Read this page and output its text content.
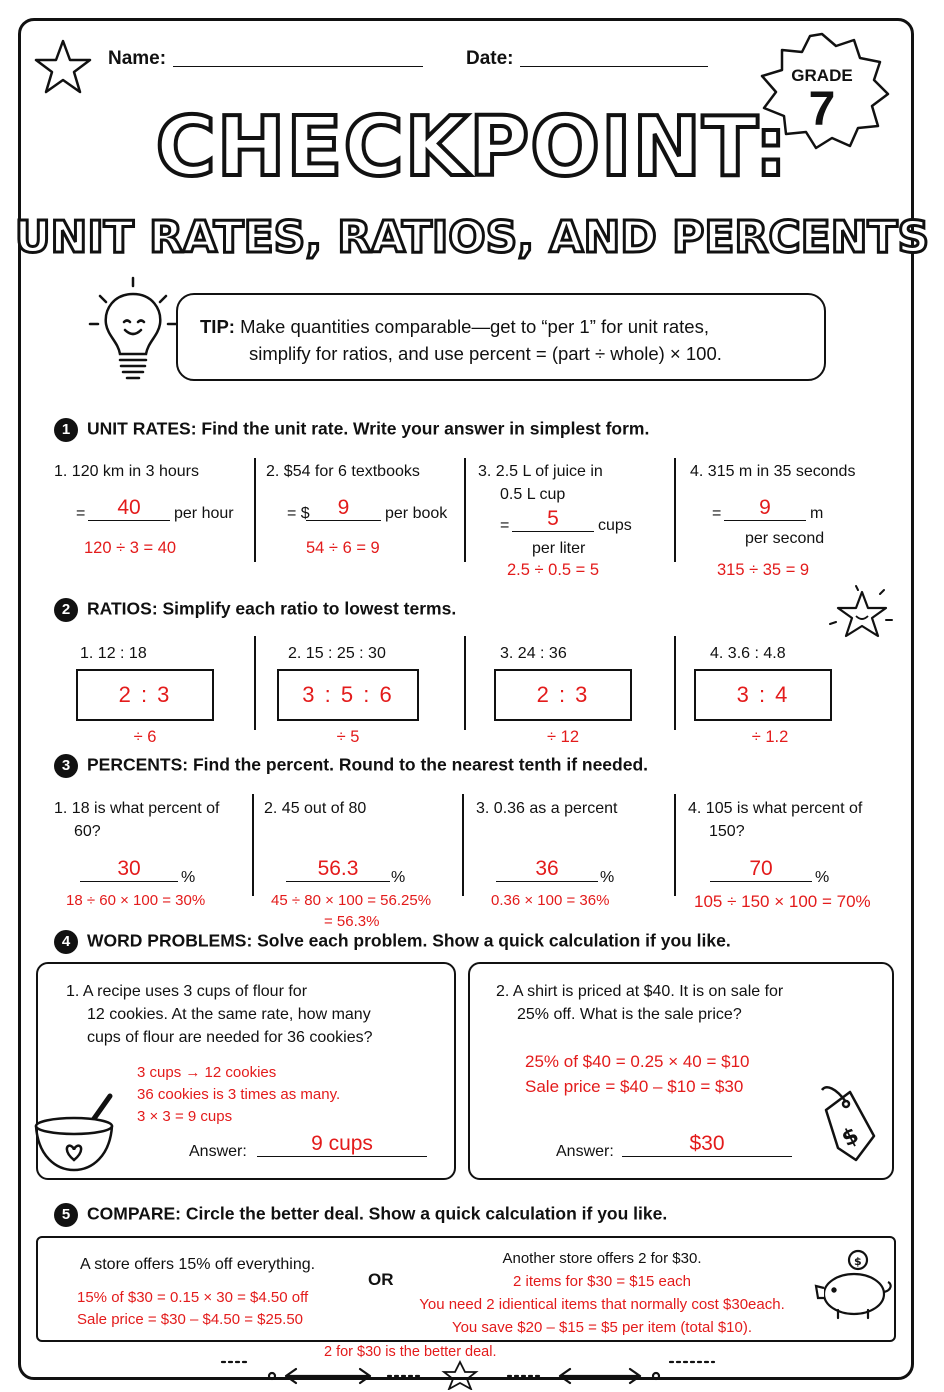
Name:	Date:
GRADE
7
CHECKPOINT:
UNIT RATES, RATIOS, AND PERCENTS
TIP: Make quantities comparable—get to “per 1” for unit rates,
simplify for ratios, and use percent = (part ÷ whole) × 100.
1 UNIT RATES: Find the unit rate. Write your answer in simplest form.
1. 120 km in 3 hours
=	40	per hour
120 ÷ 3 = 40
2. $54 for 6 textbooks
= $	9	per book
54 ÷ 6 = 9
3. 2.5 L of juice in
0.5 L cup
=	5	cups
per liter
2.5 ÷ 0.5 = 5
4. 315 m in 35 seconds
=	9	m
per second
315 ÷ 35 = 9
2 RATIOS: Simplify each ratio to lowest terms.
1. 12 : 18
2 : 3
÷ 6
2. 15 : 25 : 30
3 : 5 : 6
÷ 5
3. 24 : 36
2 : 3
÷ 12
4. 3.6 : 4.8
3 : 4
÷ 1.2
3 PERCENTS: Find the percent. Round to the nearest tenth if needed.
1. 18 is what percent of
60?
30	%
18 ÷ 60 × 100 = 30%
2. 45 out of 80
56.3	%
45 ÷ 80 × 100 = 56.25%
= 56.3%
3. 0.36 as a percent
36	%
0.36 × 100 = 36%
4. 105 is what percent of
150?
70	%
105 ÷ 150 × 100 = 70%
4 WORD PROBLEMS: Solve each problem. Show a quick calculation if you like.
1. A recipe uses 3 cups of flour for
12 cookies. At the same rate, how many
cups of flour are needed for 36 cookies?
3 cups → 12 cookies
36 cookies is 3 times as many.
3 × 3 = 9 cups
Answer:	9 cups
2. A shirt is priced at $40. It is on sale for
25% off. What is the sale price?
25% of $40 = 0.25 × 40 = $10
Sale price = $40 – $10 = $30
Answer:	$30	$
5 COMPARE: Circle the better deal. Show a quick calculation if you like.
A store offers 15% off everything.
15% of $30 = 0.15 × 30 = $4.50 off
Sale price = $30 – $4.50 = $25.50
OR
Another store offers 2 for $30.
2 items for $30 = $15 each
You need 2 idientical items that normally cost $30each.
You save $20 – $15 = $5 per item (total $10).
$
2 for $30 is the better deal.
